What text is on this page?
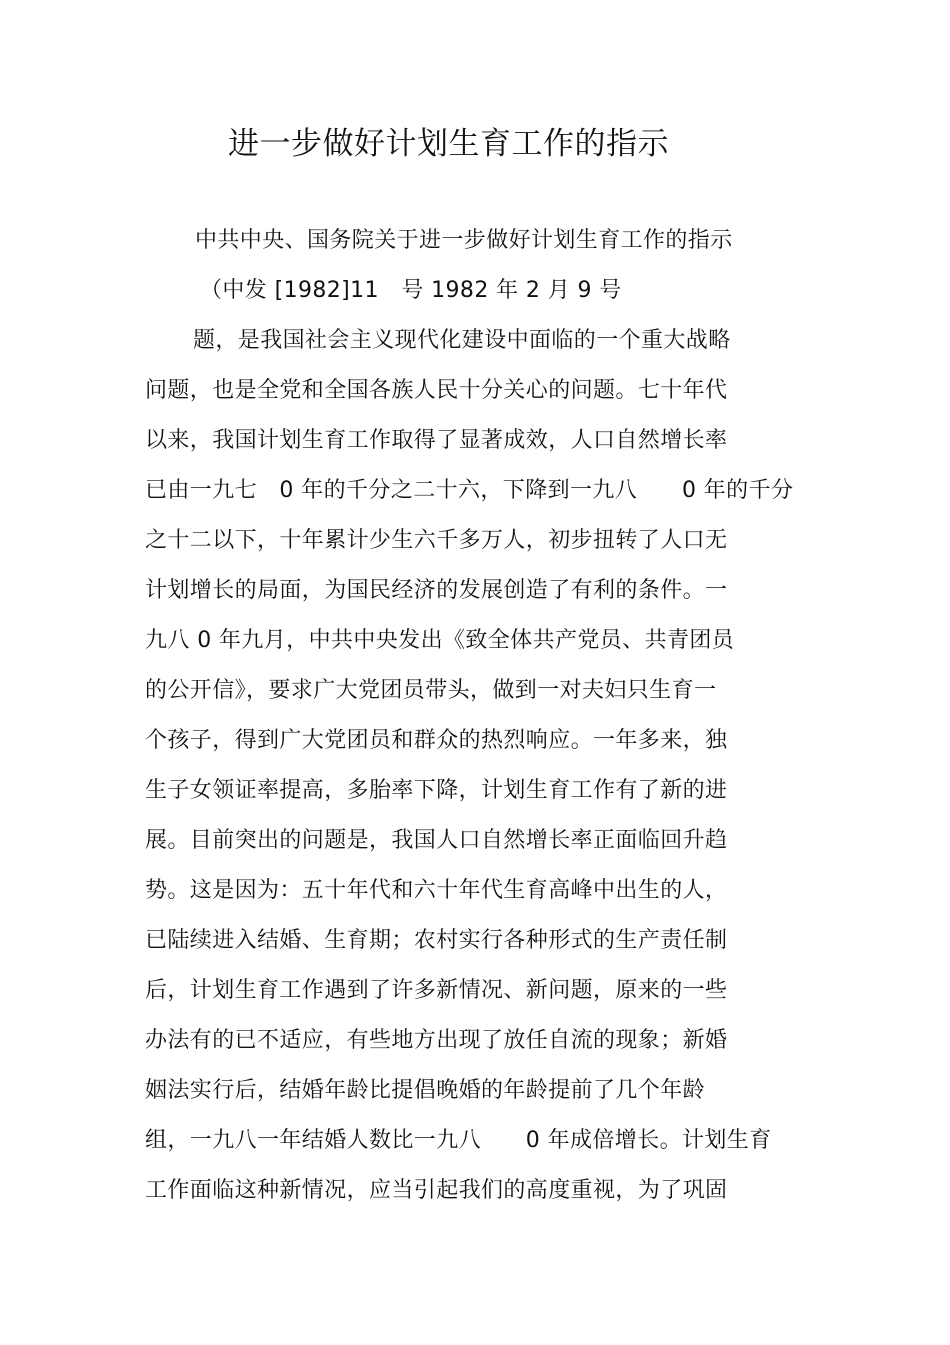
进一步做好计划生育工作的指示
中共中央、国务院关于进一步做好计划生育工作的指示
（中发 [1982]11　号 1982 年 2 月 9 号
题，是我国社会主义现代化建设中面临的一个重大战略
问题，也是全党和全国各族人民十分关心的问题。七十年代
以来，我国计划生育工作取得了显著成效，人口自然增长率
已由一九七　0 年的千分之二十六，下降到一九八　　0 年的千分
之十二以下，十年累计少生六千多万人，初步扭转了人口无
计划增长的局面，为国民经济的发展创造了有利的条件。一
九八 0 年九月，中共中央发出《致全体共产党员、共青团员
的公开信》，要求广大党团员带头，做到一对夫妇只生育一
个孩子，得到广大党团员和群众的热烈响应。一年多来，独
生子女领证率提高，多胎率下降，计划生育工作有了新的进
展。目前突出的问题是，我国人口自然增长率正面临回升趋
势。这是因为：五十年代和六十年代生育高峰中出生的人，
已陆续进入结婚、生育期；农村实行各种形式的生产责任制
后，计划生育工作遇到了许多新情况、新问题，原来的一些
办法有的已不适应，有些地方出现了放任自流的现象；新婚
姻法实行后，结婚年龄比提倡晚婚的年龄提前了几个年龄
组，一九八一年结婚人数比一九八　　0 年成倍增长。计划生育
工作面临这种新情况，应当引起我们的高度重视，为了巩固
